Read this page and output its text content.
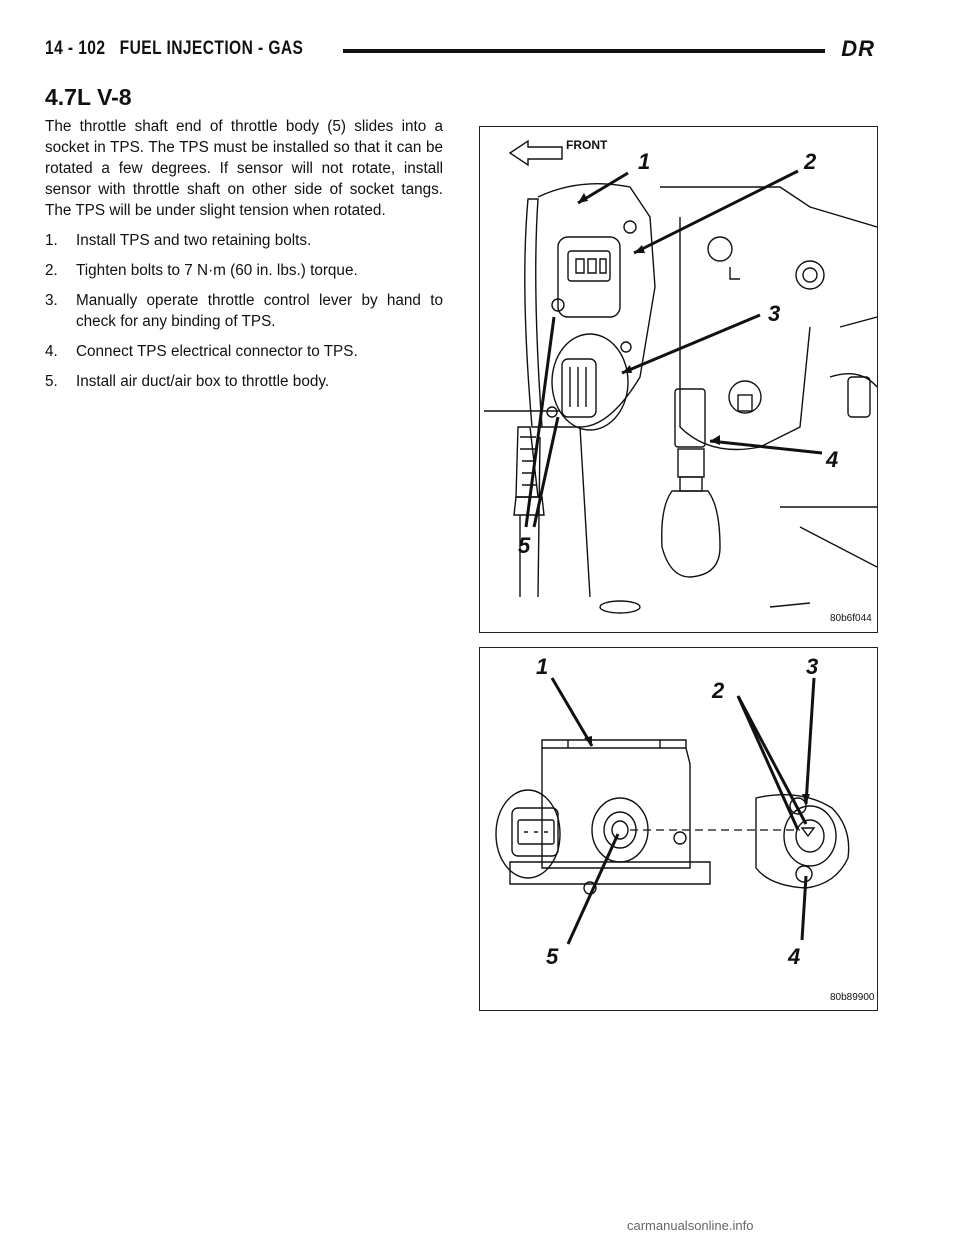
14 - 102 FUEL INJECTION - GAS	DR
4.7L V-8

The throttle shaft end of throttle body (5) slides into a socket in TPS. The TPS must be installed so that it can be rotated a few degrees. If sensor will not rotate, install sensor with throttle shaft on other side of socket tangs. The TPS will be under slight tension when rotated.

1. Install TPS and two retaining bolts.
2. Tighten bolts to 7 N·m (60 in. lbs.) torque.
3. Manually operate throttle control lever by hand to check for any binding of TPS.
4. Connect TPS electrical connector to TPS.
5. Install air duct/air box to throttle body.
1	2
3
4
5
FRONT
80b6f044
1
2
3
4
5
80b89900
carmanualsonline.info
